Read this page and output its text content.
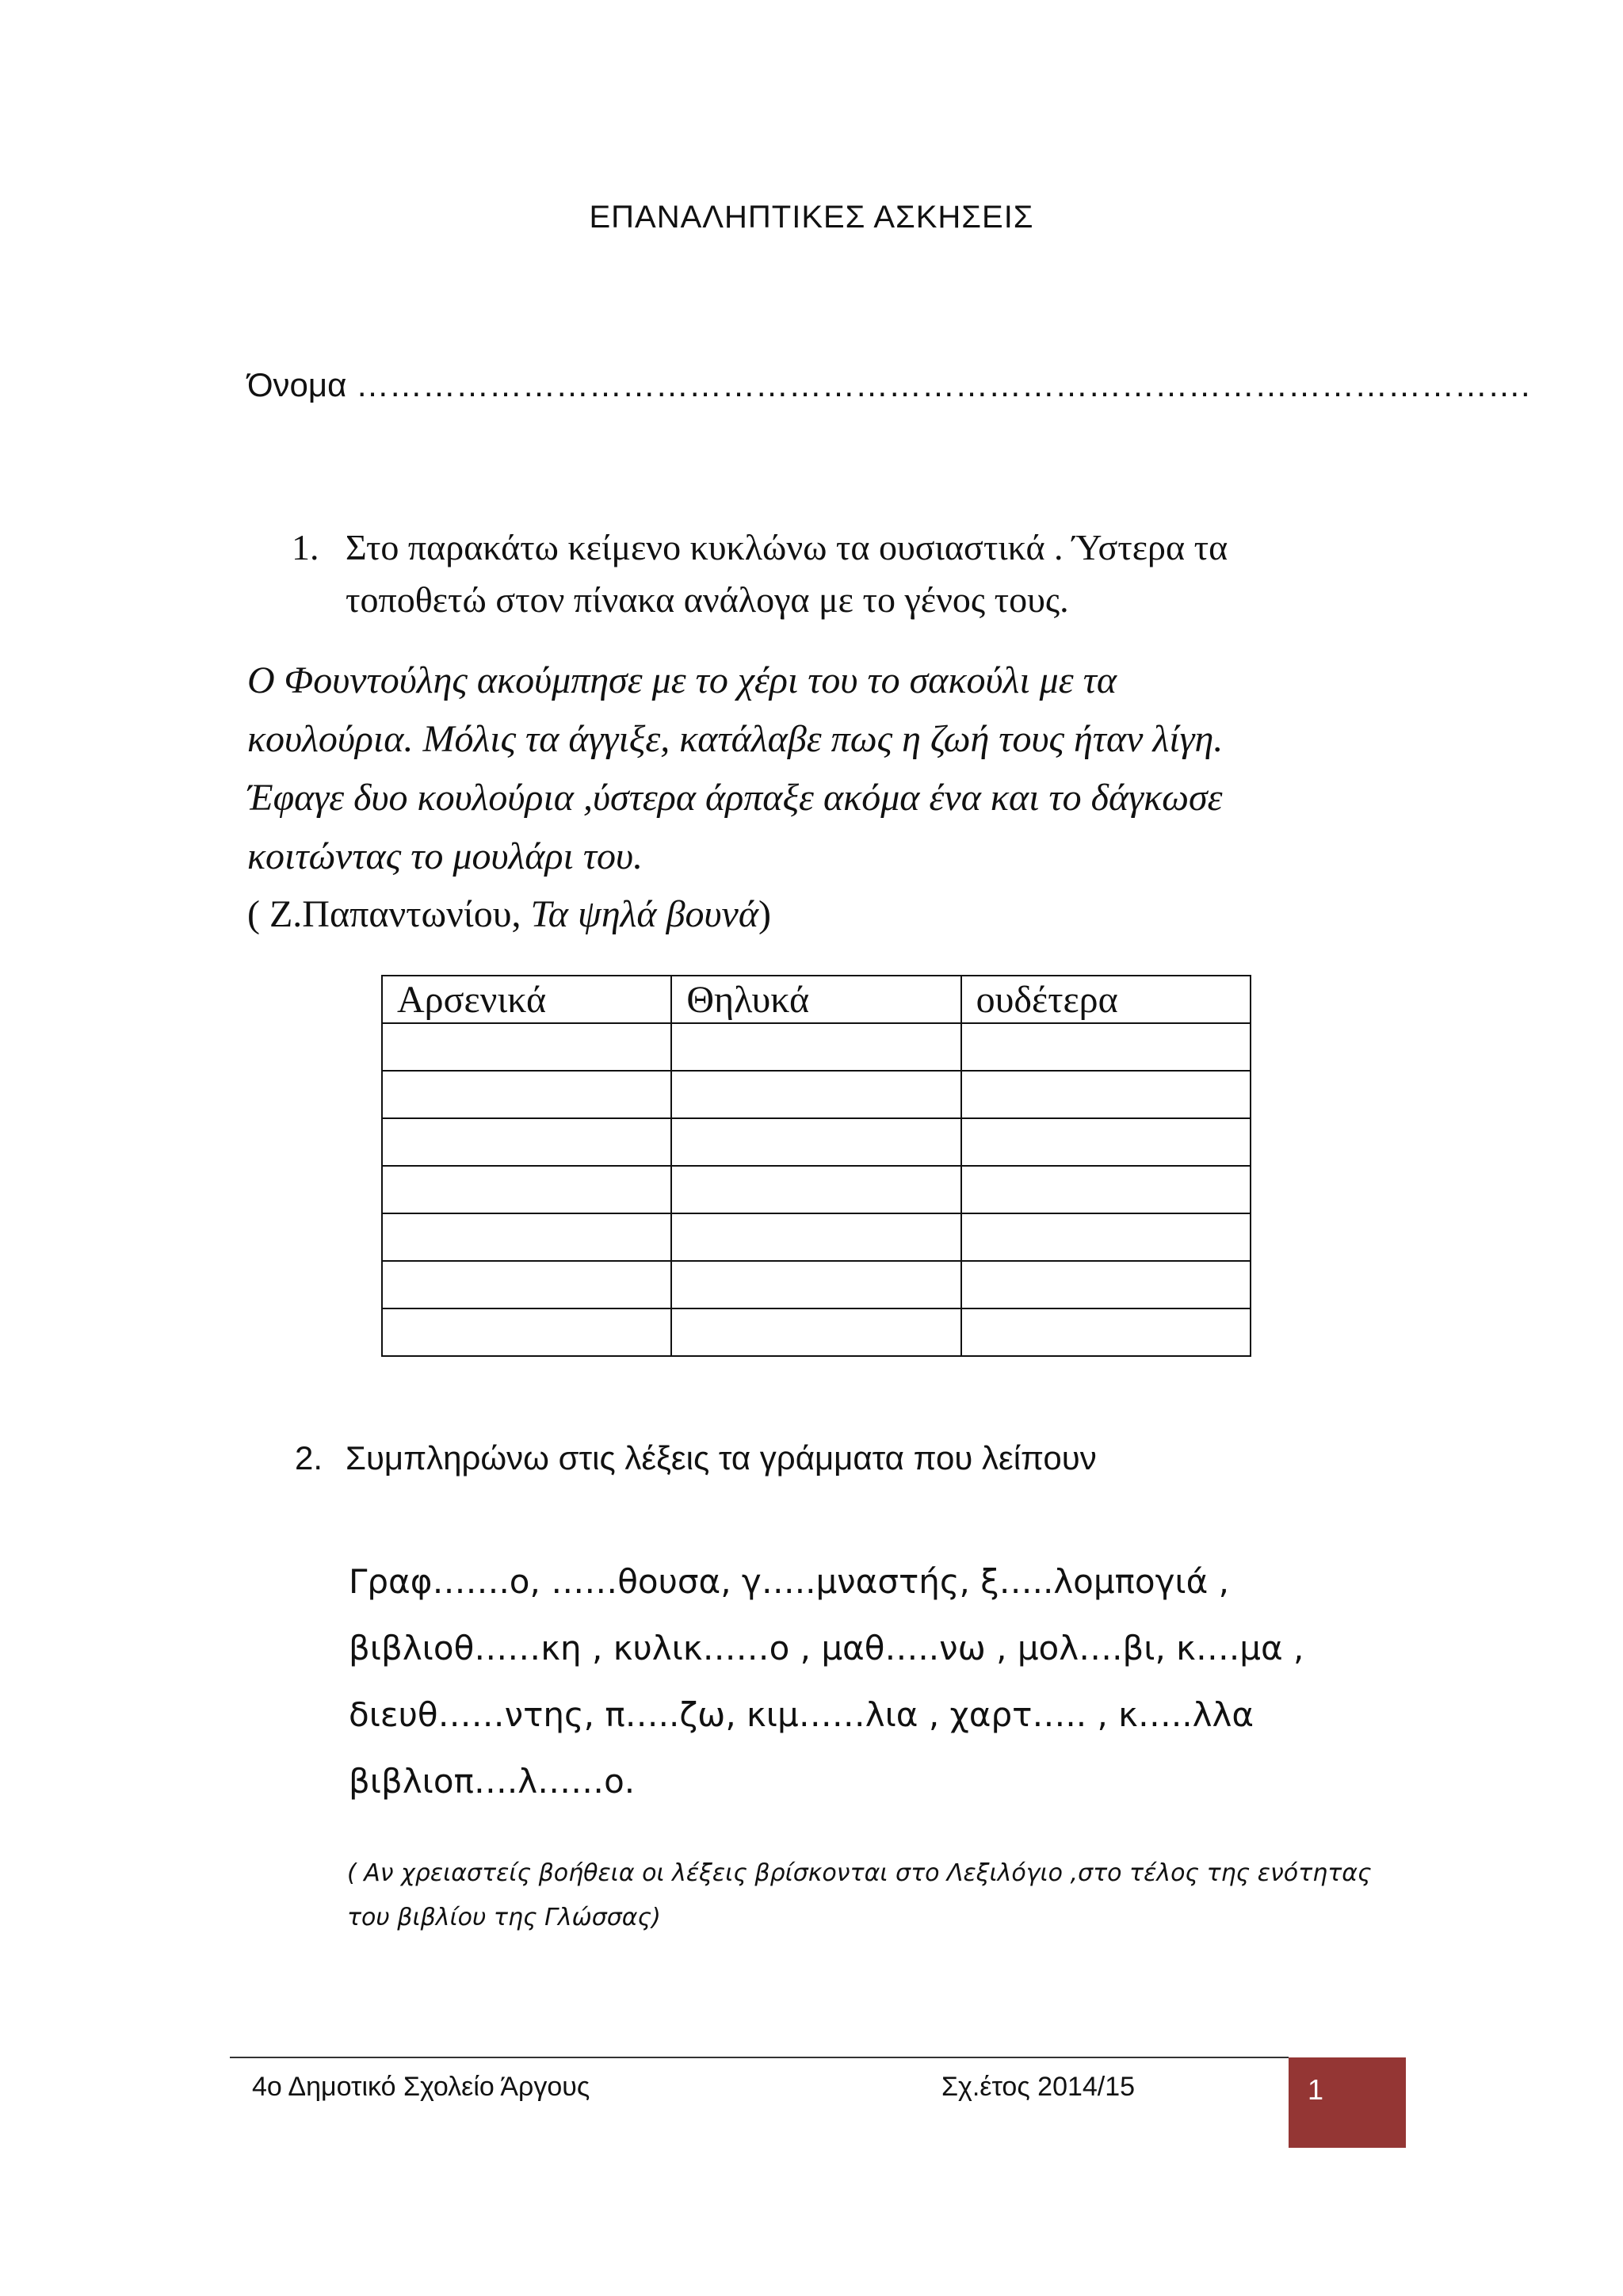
ΕΠΑΝΑΛΗΠΤΙΚΕΣ ΑΣΚΗΣΕΙΣ
Όνομα …………………………………………………………………………………………….
1. Στο παρακάτω κείμενο κυκλώνω τα ουσιαστικά . Ύστερα τα
τοποθετώ στον πίνακα ανάλογα με το γένος τους.

Ο Φουντούλης ακούμπησε με το χέρι του το σακούλι με τα

κουλούρια. Μόλις τα άγγιξε, κατάλαβε πως η ζωή τους ήταν λίγη.

Έφαγε δυο κουλούρια ,ύστερα άρπαξε ακόμα ένα και το δάγκωσε

κοιτώντας το μουλάρι του.

( Ζ.Παπαντωνίου, Τα ψηλά βουνά)
Αρσενικά	Θηλυκά	ουδέτερα

2. Συμπληρώνω στις λέξεις τα γράμματα που λείπουν

Γραφ…….ο, ……θουσα, γ…..μναστής, ξ…..λομπογιά ,

βιβλιοθ……κη , κυλικ……ο , μαθ…..νω , μολ….βι, κ….μα ,

διευθ……ντης, π…..ζω, κιμ……λια , χαρτ….. , κ…..λλα

βιβλιοπ….λ……ο.

( Αν χρειαστείς βοήθεια οι λέξεις βρίσκονται στο Λεξιλόγιο ,στο τέλος της ενότητας

του βιβλίου της Γλώσσας)

4ο Δημοτικό Σχολείο Άργους	Σχ.έτος 2014/15	1
